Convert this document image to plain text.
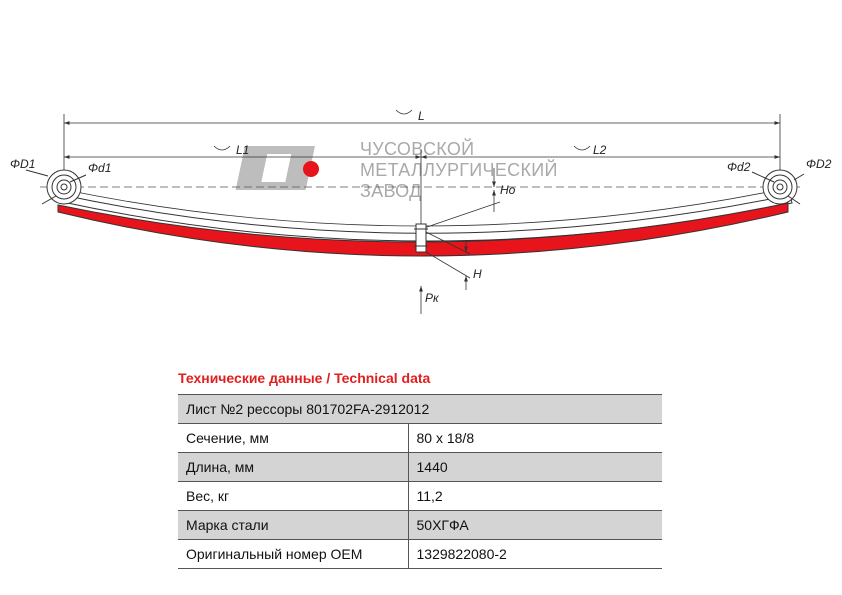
ЧУСОВСКОЙ
МЕТАЛЛУРГИЧЕСКИЙ
ЗАВОД
L
L1	L2
Hо
ΦD1	Φd1	Φd2	ΦD2
H
Pк
Технические данные / Technical data
Лист №2 рессоры 801702FA-2912012	
Сечение, мм	80 x 18/8
Длина, мм	1440
Вес, кг	11,2
Марка стали	50ХГФА
Оригинальный номер OEM	1329822080-2
